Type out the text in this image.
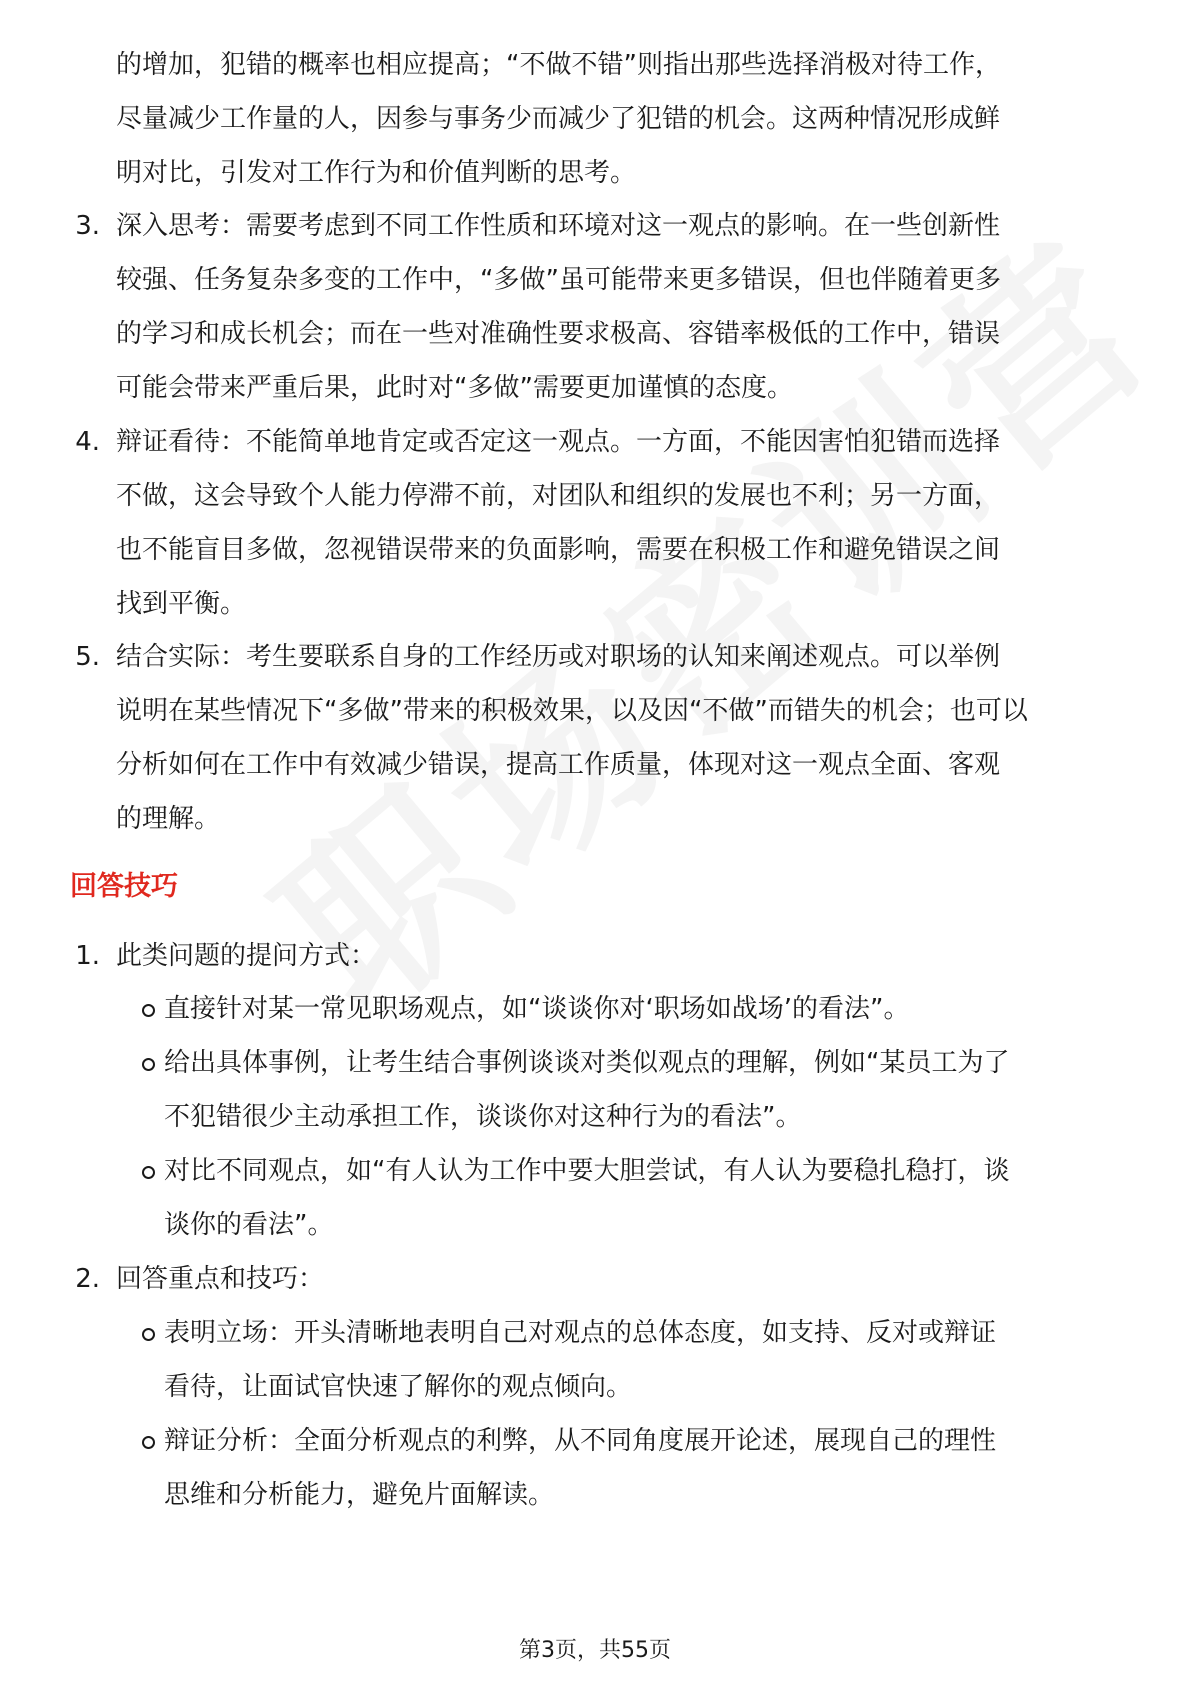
的增加，犯错的概率也相应提高；“不做不错”则指出那些选择消极对待工作，
尽量减少工作量的人，因参与事务少而减少了犯错的机会。这两种情况形成鲜
明对比，引发对工作行为和价值判断的思考。
3. 深入思考：需要考虑到不同工作性质和环境对这一观点的影响。在一些创新性
较强、任务复杂多变的工作中，“多做”虽可能带来更多错误，但也伴随着更多
的学习和成长机会；而在一些对准确性要求极高、容错率极低的工作中，错误
可能会带来严重后果，此时对“多做”需要更加谨慎的态度。
4. 辩证看待：不能简单地肯定或否定这一观点。一方面，不能因害怕犯错而选择
不做，这会导致个人能力停滞不前，对团队和组织的发展也不利；另一方面，
也不能盲目多做，忽视错误带来的负面影响，需要在积极工作和避免错误之间
找到平衡。
5. 结合实际：考生要联系自身的工作经历或对职场的认知来阐述观点。可以举例
说明在某些情况下“多做”带来的积极效果，以及因“不做”而错失的机会；也可以
分析如何在工作中有效减少错误，提高工作质量，体现对这一观点全面、客观
的理解。
回答技巧
1. 此类问题的提问方式：
直接针对某一常见职场观点，如“谈谈你对‘职场如战场’的看法”。
给出具体事例，让考生结合事例谈谈对类似观点的理解，例如“某员工为了
不犯错很少主动承担工作，谈谈你对这种行为的看法”。
对比不同观点，如“有人认为工作中要大胆尝试，有人认为要稳扎稳打，谈
谈你的看法”。
2. 回答重点和技巧：
表明立场：开头清晰地表明自己对观点的总体态度，如支持、反对或辩证
看待，让面试官快速了解你的观点倾向。
辩证分析：全面分析观点的利弊，从不同角度展开论述，展现自己的理性
思维和分析能力，避免片面解读。
第3页，共55页
